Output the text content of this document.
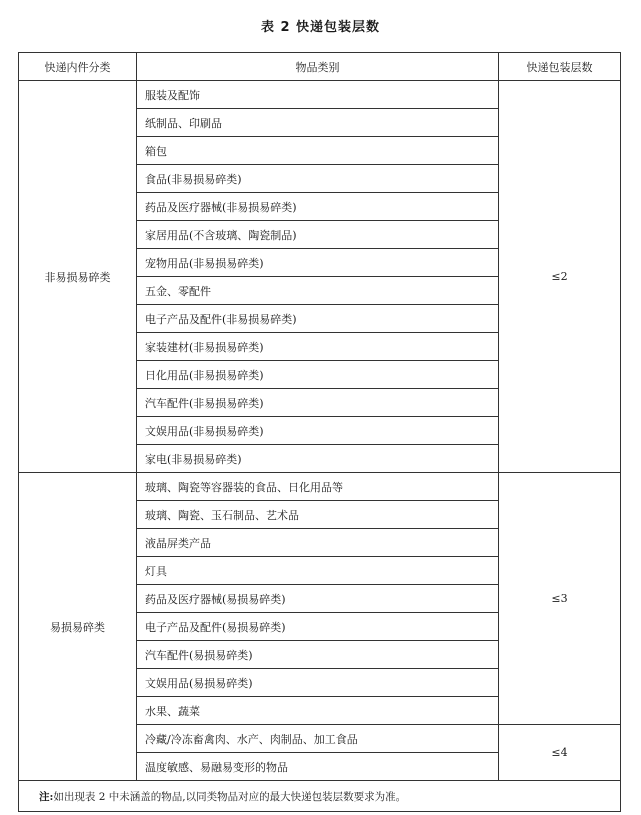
表 2 快递包装层数
快递内件分类	物品类别	快递包装层数
非易损易碎类	服装及配饰	≤2
	纸制品、印刷品	
	箱包	
	食品(非易损易碎类)	
	药品及医疗器械(非易损易碎类)	
	家居用品(不含玻璃、陶瓷制品)	
	宠物用品(非易损易碎类)	
	五金、零配件	
	电子产品及配件(非易损易碎类)	
	家装建材(非易损易碎类)	
	日化用品(非易损易碎类)	
	汽车配件(非易损易碎类)	
	文娱用品(非易损易碎类)	
	家电(非易损易碎类)	
易损易碎类	玻璃、陶瓷等容器装的食品、日化用品等	≤3
	玻璃、陶瓷、玉石制品、艺术品	
	液晶屏类产品	
	灯具	
	药品及医疗器械(易损易碎类)	
	电子产品及配件(易损易碎类)	
	汽车配件(易损易碎类)	
	文娱用品(易损易碎类)	
	水果、蔬菜	
	冷藏/冷冻畜禽肉、水产、肉制品、加工食品	≤4
	温度敏感、易融易变形的物品	
注:如出现表 2 中未涵盖的物品,以同类物品对应的最大快递包装层数要求为准。		
